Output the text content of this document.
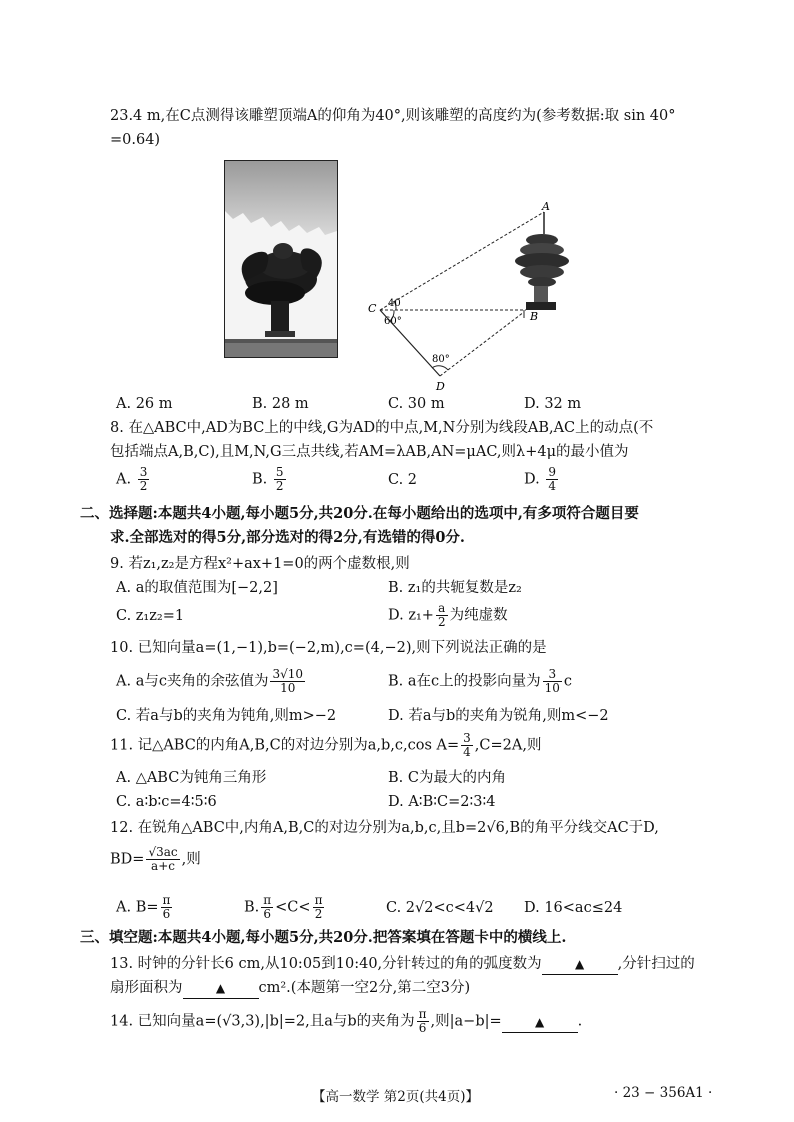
23.4 m,在C点测得该雕塑顶端A的仰角为40°,则该雕塑的高度约为(参考数据:取 sin 40°
=0.64)
A
B
C
D
40
60°
80°
A. 26 m	B. 28 m	C. 30 m	D. 32 m
8. 在△ABC中,AD为BC上的中线,G为AD的中点,M,N分别为线段AB,AC上的动点(不
包括端点A,B,C),且M,N,G三点共线,若AM=λAB,AN=μAC,则λ+4μ的最小值为
A. $\frac{3}{2}$	B. $\frac{5}{2}$	C. 2	D. $\frac{9}{4}$
二、选择题:本题共4小题,每小题5分,共20分.在每小题给出的选项中,有多项符合题目要
求.全部选对的得5分,部分选对的得2分,有选错的得0分.
9. 若z₁,z₂是方程x²+ax+1=0的两个虚数根,则
A. a的取值范围为[−2,2]	B. z₁的共轭复数是z₂
C. z₁z₂=1	D. $z_1+ \frac{a}{2}$ 为纯虚数
10. 已知向量a=(1,−1),b=(−2,m),c=(4,−2),则下列说法正确的是
A. a与c夹角的余弦值为 $\frac{3√10}{10}$	B. a在c上的投影向量为 $\frac{3}{10}$ c
C. 若a与b的夹角为钝角,则m>−2	D. 若a与b的夹角为锐角,则m<−2
11. 记△ABC的内角A,B,C的对边分别为a,b,c,cos $A= \frac{3}{4} ,C=2A$,则
A. △ABC为钝角三角形	B. C为最大的内角
C. a∶b∶c=4∶5∶6	D. A∶B∶C=2∶3∶4
12. 在锐角△ABC中,内角A,B,C的对边分别为a,b,c,且b=2√6,B的角平分线交AC于D,
$BD= \frac{√3ac}{a+c}$ ,则
A. $B= \frac{\pi}{6}$	B. $\frac{\pi}{6} <C< \frac{\pi}{2}$	C. 2√2<c<4√2 D. 16<ac≤24
三、填空题:本题共4小题,每小题5分,共20分.把答案填在答题卡中的横线上.
13. 时钟的分针长6 cm,从10:05到10:40,分针转过的角的弧度数为	▲ ,分针扫过的
扇形面积为	▲ cm².(本题第一空2分,第二空3分)
14. 已知向量a=(√3,3),|b|=2,且a与b的夹角为 $\frac{\pi}{6}$ ,则|a−b|=	▲ .
【高一数学 第2页(共4页)】	· 23 − 356A1 ·
